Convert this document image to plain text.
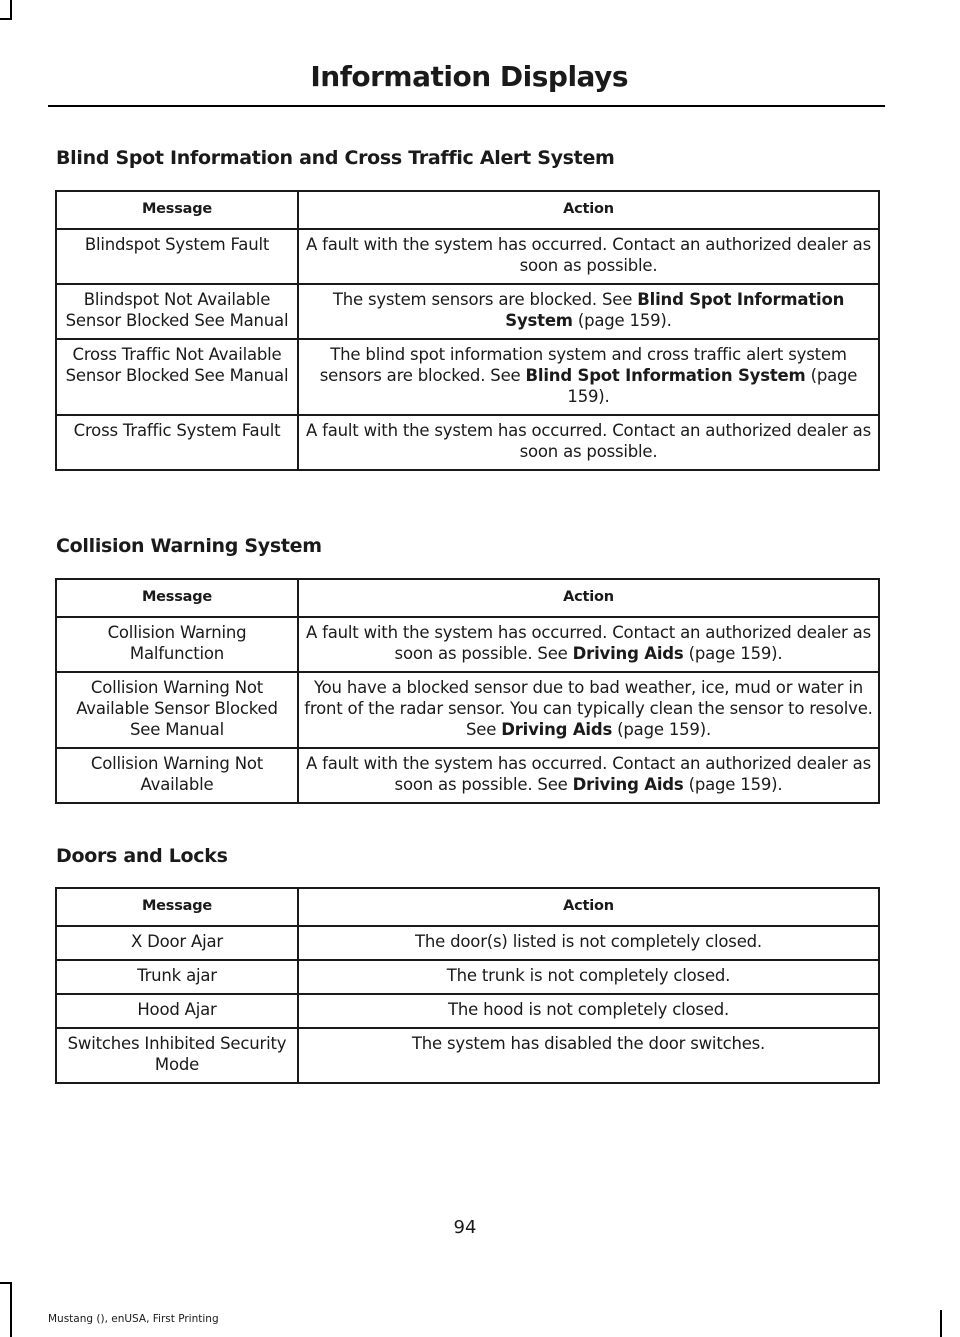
Information Displays
Blind Spot Information and Cross Traffic Alert System
Message	Action
Blindspot System Fault	A fault with the system has occurred. Contact an authorized dealer as soon as possible.
Blindspot Not Available Sensor Blocked See Manual	The system sensors are blocked. See Blind Spot Information System (page 159).
Cross Traffic Not Available Sensor Blocked See Manual	The blind spot information system and cross traffic alert system sensors are blocked. See Blind Spot Information System (page 159).
Cross Traffic System Fault	A fault with the system has occurred. Contact an authorized dealer as soon as possible.
Collision Warning System
Message	Action
Collision Warning Malfunction	A fault with the system has occurred. Contact an authorized dealer as soon as possible. See Driving Aids (page 159).
Collision Warning Not Available Sensor Blocked See Manual	You have a blocked sensor due to bad weather, ice, mud or water in front of the radar sensor. You can typically clean the sensor to resolve. See Driving Aids (page 159).
Collision Warning Not Available	A fault with the system has occurred. Contact an authorized dealer as soon as possible. See Driving Aids (page 159).
Doors and Locks
Message	Action
X Door Ajar	The door(s) listed is not completely closed.
Trunk ajar	The trunk is not completely closed.
Hood Ajar	The hood is not completely closed.
Switches Inhibited Security Mode	The system has disabled the door switches.
94
Mustang (), enUSA, First Printing
